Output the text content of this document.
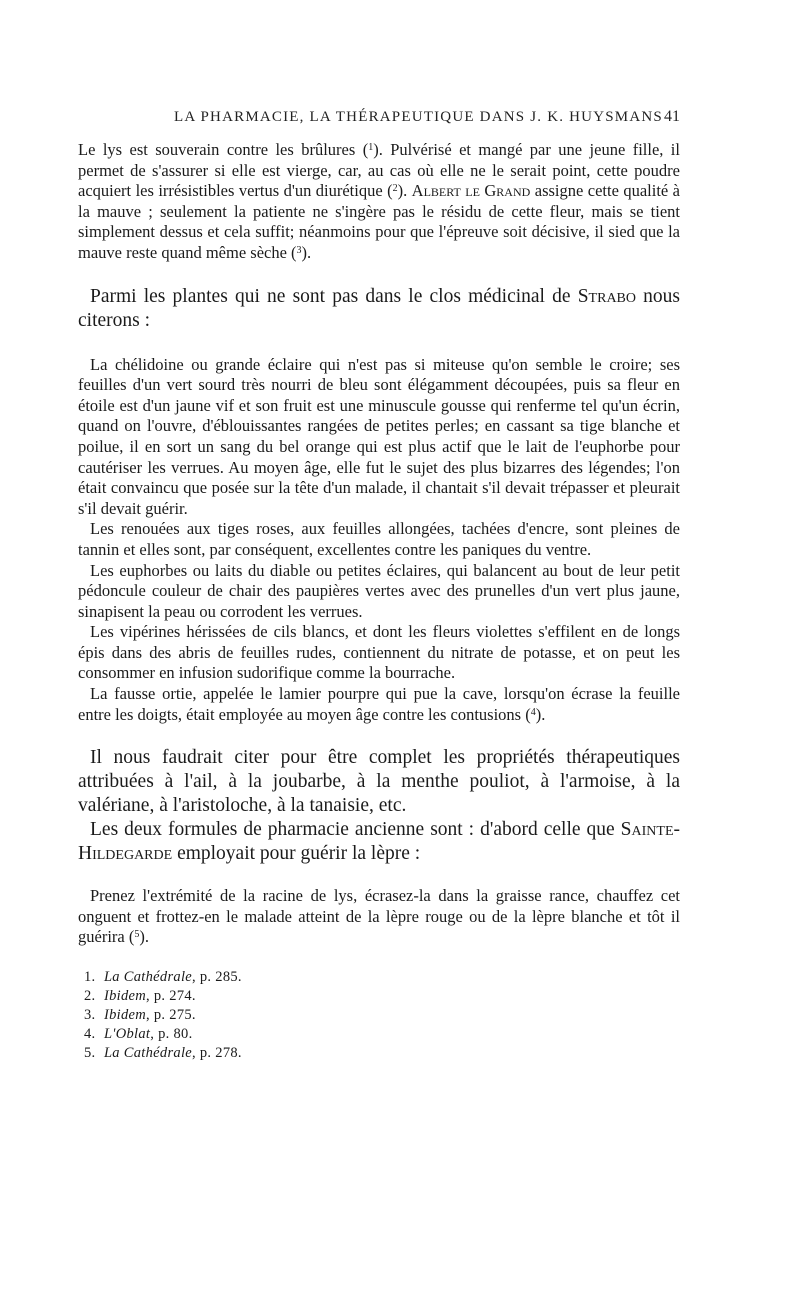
LA PHARMACIE, LA THÉRAPEUTIQUE DANS J. K. HUYSMANS 41

Le lys est souverain contre les brûlures ($^1$). Pulvérisé et mangé par une jeune fille, il permet de s'assurer si elle est vierge, car, au cas où elle ne le serait point, cette poudre acquiert les irrésistibles vertus d'un diurétique ($^2$). Albert le Grand assigne cette qualité à la mauve ; seulement la patiente ne s'ingère pas le résidu de cette fleur, mais se tient simplement dessus et cela suffit; néanmoins pour que l'épreuve soit décisive, il sied que la mauve reste quand même sèche ($^3$).

Parmi les plantes qui ne sont pas dans le clos médicinal de Strabo nous citerons :

La chélidoine ou grande éclaire qui n'est pas si miteuse qu'on semble le croire; ses feuilles d'un vert sourd très nourri de bleu sont élégamment découpées, puis sa fleur en étoile est d'un jaune vif et son fruit est une minuscule gousse qui renferme tel qu'un écrin, quand on l'ouvre, d'éblouissantes rangées de petites perles; en cassant sa tige blanche et poilue, il en sort un sang du bel orange qui est plus actif que le lait de l'euphorbe pour cautériser les verrues. Au moyen âge, elle fut le sujet des plus bizarres des légendes; l'on était convaincu que posée sur la tête d'un malade, il chantait s'il devait trépasser et pleurait s'il devait guérir.

Les renouées aux tiges roses, aux feuilles allongées, tachées d'encre, sont pleines de tannin et elles sont, par conséquent, excellentes contre les paniques du ventre.

Les euphorbes ou laits du diable ou petites éclaires, qui balancent au bout de leur petit pédoncule couleur de chair des paupières vertes avec des prunelles d'un vert plus jaune, sinapisent la peau ou corrodent les verrues.

Les vipérines hérissées de cils blancs, et dont les fleurs violettes s'effilent en de longs épis dans des abris de feuilles rudes, contiennent du nitrate de potasse, et on peut les consommer en infusion sudorifique comme la bourrache.

La fausse ortie, appelée le lamier pourpre qui pue la cave, lorsqu'on écrase la feuille entre les doigts, était employée au moyen âge contre les contusions ($^4$).

Il nous faudrait citer pour être complet les propriétés thérapeutiques attribuées à l'ail, à la joubarbe, à la menthe pouliot, à l'armoise, à la valériane, à l'aristoloche, à la tanaisie, etc.

Les deux formules de pharmacie ancienne sont : d'abord celle que Sainte-Hildegarde employait pour guérir la lèpre :

Prenez l'extrémité de la racine de lys, écrasez-la dans la graisse rance, chauffez cet onguent et frottez-en le malade atteint de la lèpre rouge ou de la lèpre blanche et tôt il guérira ($^5$).

1. La Cathédrale, p. 285.
2. Ibidem, p. 274.
3. Ibidem, p. 275.
4. L'Oblat, p. 80.
5. La Cathédrale, p. 278.
